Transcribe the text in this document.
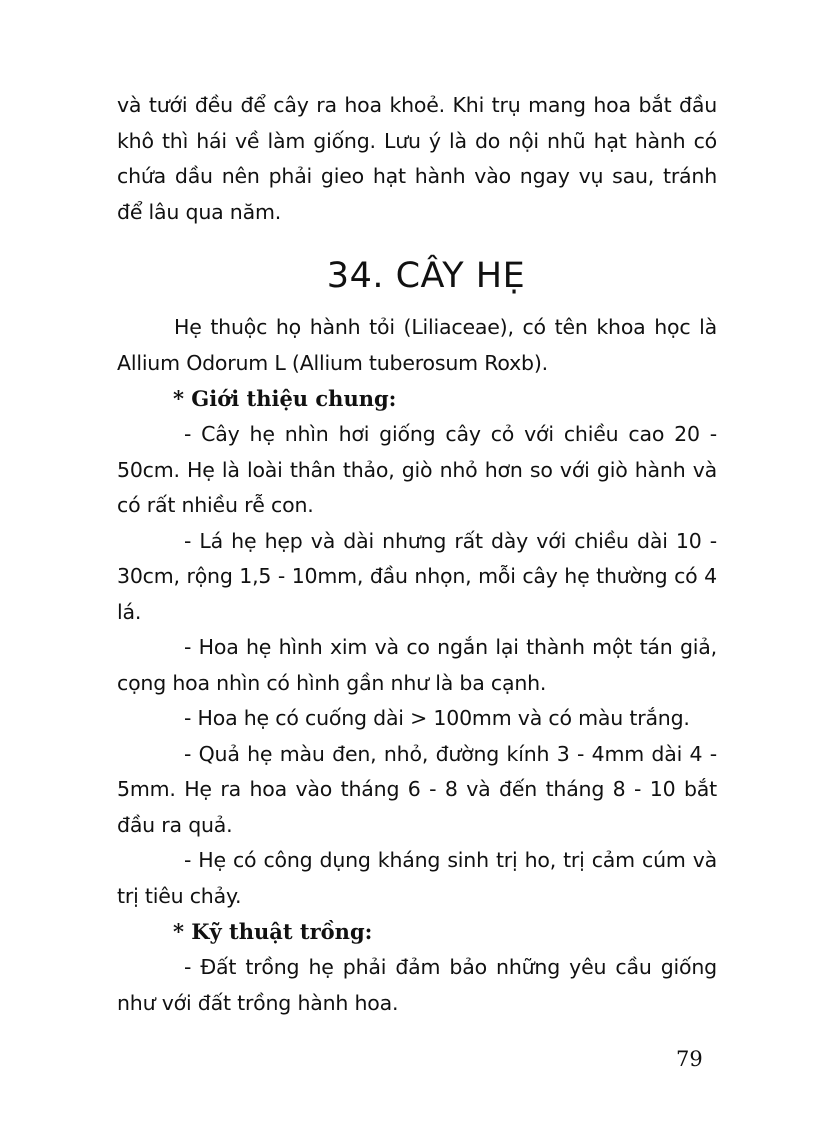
và tưới đều để cây ra hoa khoẻ. Khi trụ mang hoa bắt đầu khô thì hái về làm giống. Lưu ý là do nội nhũ hạt hành có chứa dầu nên phải gieo hạt hành vào ngay vụ sau, tránh để lâu qua năm.

34. CÂY HẸ

Hẹ thuộc họ hành tỏi (Liliaceae), có tên khoa học là Allium Odorum L (Allium tuberosum Roxb).

* Giới thiệu chung:

- Cây hẹ nhìn hơi giống cây cỏ với chiều cao 20 - 50cm. Hẹ là loài thân thảo, giò nhỏ hơn so với giò hành và có rất nhiều rễ con.

- Lá hẹ hẹp và dài nhưng rất dày với chiều dài 10 - 30cm, rộng 1,5 - 10mm, đầu nhọn, mỗi cây hẹ thường có 4 lá.

- Hoa hẹ hình xim và co ngắn lại thành một tán giả, cọng hoa nhìn có hình gần như là ba cạnh.

- Hoa hẹ có cuống dài > 100mm và có màu trắng.

- Quả hẹ màu đen, nhỏ, đường kính 3 - 4mm dài 4 - 5mm. Hẹ ra hoa vào tháng 6 - 8 và đến tháng 8 - 10 bắt đầu ra quả.

- Hẹ có công dụng kháng sinh trị ho, trị cảm cúm và trị tiêu chảy.

* Kỹ thuật trồng:

- Đất trồng hẹ phải đảm bảo những yêu cầu giống như với đất trồng hành hoa.

79
